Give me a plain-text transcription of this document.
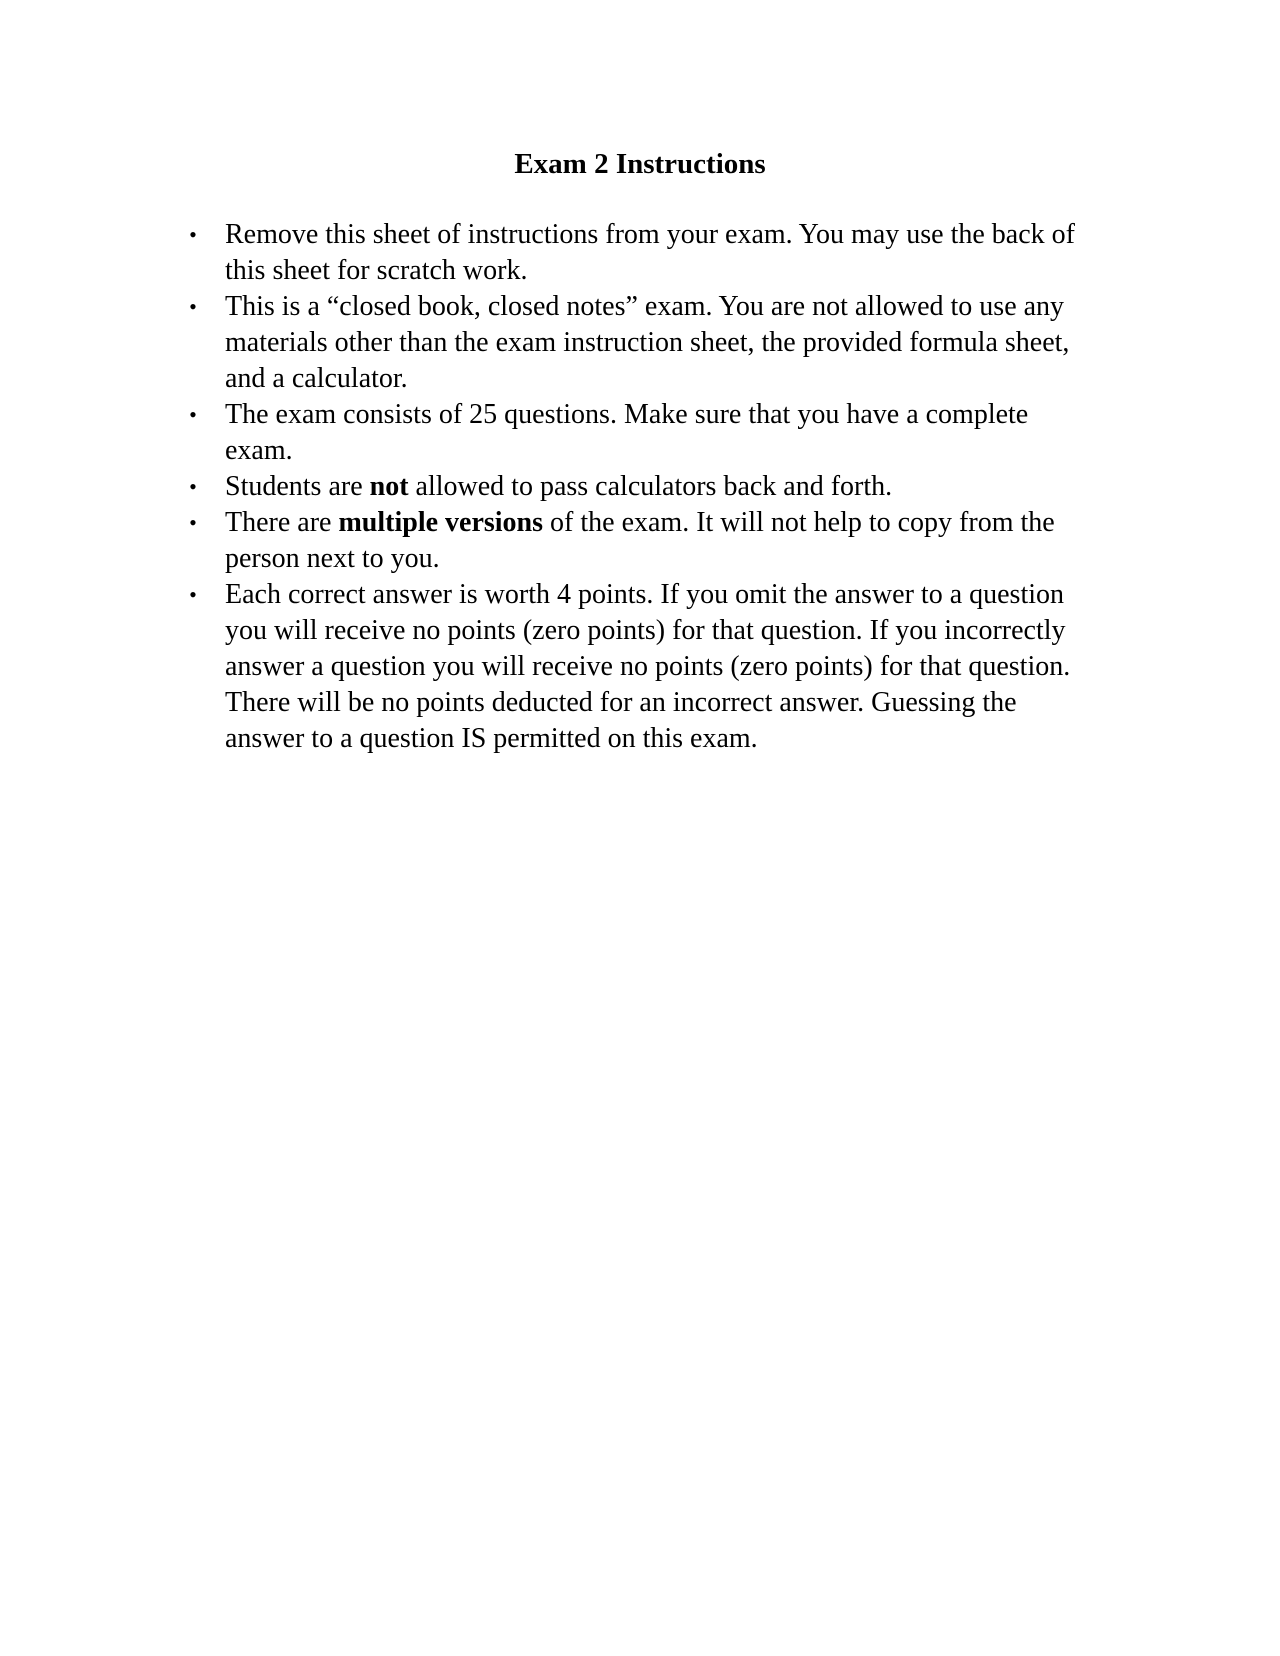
Exam 2 Instructions
• Remove this sheet of instructions from your exam. You may use the back of this sheet for scratch work.
• This is a “closed book, closed notes” exam. You are not allowed to use any materials other than the exam instruction sheet, the provided formula sheet, and a calculator.
• The exam consists of 25 questions. Make sure that you have a complete exam.
• Students are not allowed to pass calculators back and forth.
• There are multiple versions of the exam. It will not help to copy from the person next to you.
• Each correct answer is worth 4 points. If you omit the answer to a question you will receive no points (zero points) for that question. If you incorrectly answer a question you will receive no points (zero points) for that question. There will be no points deducted for an incorrect answer. Guessing the answer to a question IS permitted on this exam.
